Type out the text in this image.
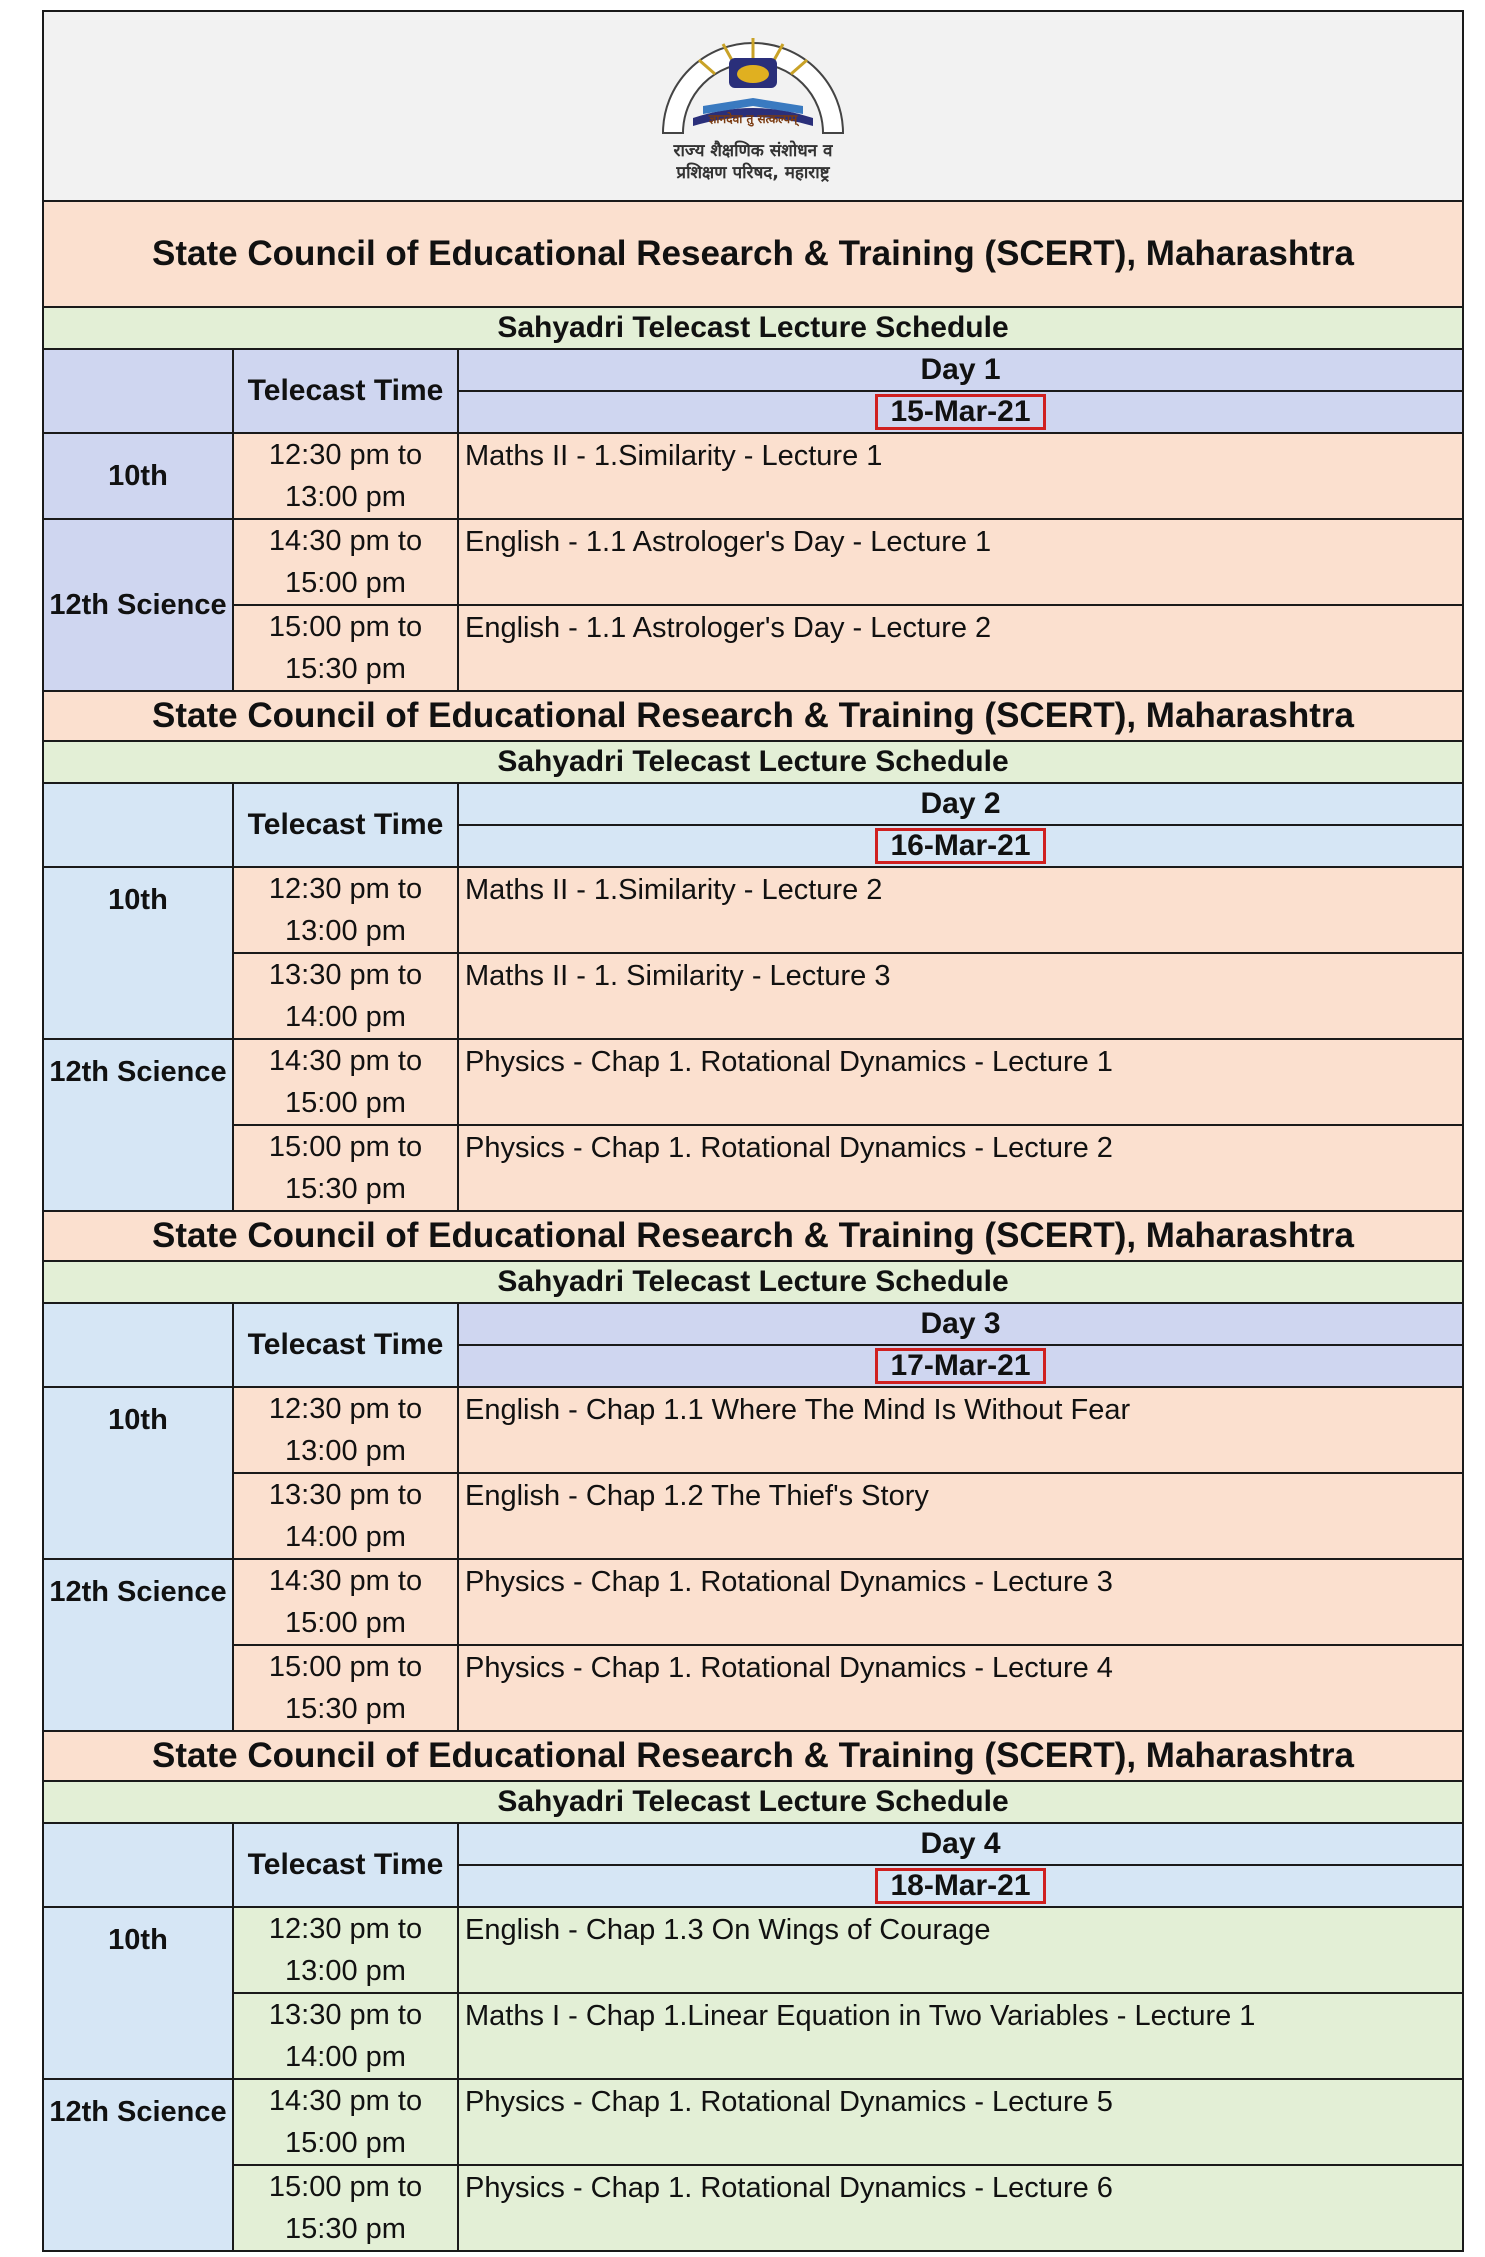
ज्ञानदेवा तु सत्कल्पम्
राज्य शैक्षणिक संशोधन व
प्रशिक्षण परिषद, महाराष्ट्र		

State Council of Educational Research & Training (SCERT), Maharashtra		
Sahyadri Telecast Lecture Schedule		
	Telecast Time	Day 1
		15-Mar-21
10th	12:30 pm to
13:00 pm	Maths II - 1.Similarity - Lecture 1
12th Science	14:30 pm to
15:00 pm	English - 1.1 Astrologer's Day - Lecture 1

	15:00 pm to
15:30 pm	English - 1.1 Astrologer's Day - Lecture 2
State Council of Educational Research & Training (SCERT), Maharashtra		
Sahyadri Telecast Lecture Schedule		
	Telecast Time	Day 2
		16-Mar-21

10th	12:30 pm to
13:00 pm	Maths II - 1.Similarity - Lecture 2

	13:30 pm to
14:00 pm	Maths II - 1. Similarity - Lecture 3

12th Science	14:30 pm to
15:00 pm	Physics - Chap 1. Rotational Dynamics - Lecture 1

	15:00 pm to
15:30 pm	Physics - Chap 1. Rotational Dynamics - Lecture 2
State Council of Educational Research & Training (SCERT), Maharashtra		
Sahyadri Telecast Lecture Schedule		
	Telecast Time	Day 3
		17-Mar-21

10th	12:30 pm to
13:00 pm	English - Chap 1.1 Where The Mind Is Without Fear

	13:30 pm to
14:00 pm	English - Chap 1.2 The Thief's Story

12th Science	14:30 pm to
15:00 pm	Physics - Chap 1. Rotational Dynamics - Lecture 3

	15:00 pm to
15:30 pm	Physics - Chap 1. Rotational Dynamics - Lecture 4
State Council of Educational Research & Training (SCERT), Maharashtra		
Sahyadri Telecast Lecture Schedule		
	Telecast Time	Day 4
		18-Mar-21

10th	12:30 pm to
13:00 pm	English - Chap 1.3 On Wings of Courage

	13:30 pm to
14:00 pm	Maths I - Chap 1.Linear Equation in Two Variables - Lecture 1

12th Science	14:30 pm to
15:00 pm	Physics - Chap 1. Rotational Dynamics - Lecture 5

	15:00 pm to
15:30 pm	Physics - Chap 1. Rotational Dynamics - Lecture 6
